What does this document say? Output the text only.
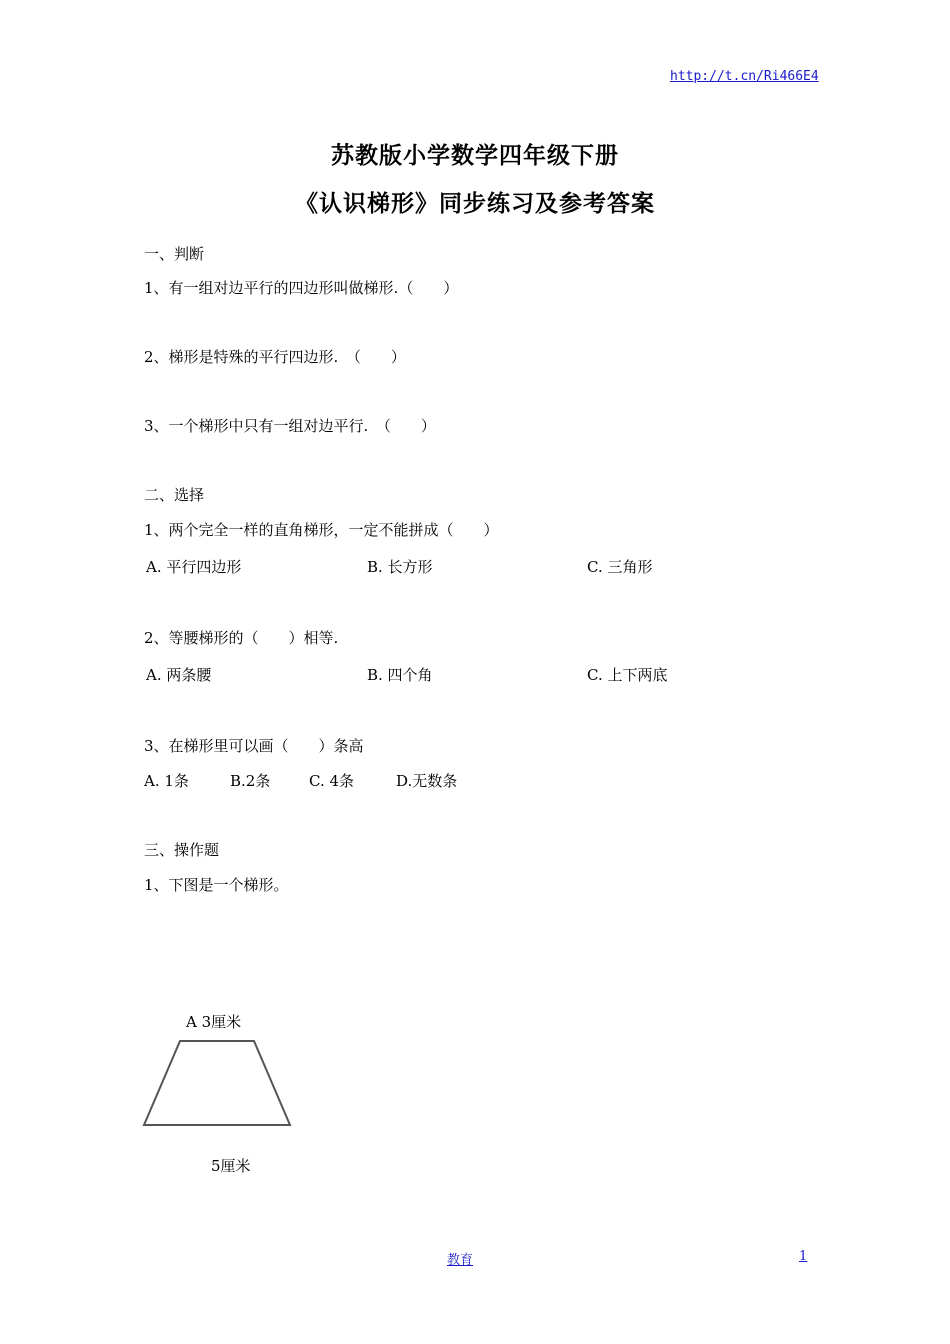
http://t.cn/Ri466E4
苏教版小学数学四年级下册
《认识梯形》同步练习及参考答案
一、判断
1、有一组对边平行的四边形叫做梯形.（　　）
2、梯形是特殊的平行四边形.　（　　）
3、一个梯形中只有一组对边平行.　（　　）
二、选择
1、两个完全一样的直角梯形，一定不能拼成（　　）
A. 平行四边形	B. 长方形	C. 三角形
2、等腰梯形的（　　）相等.
A. 两条腰	B. 四个角	C. 上下两底
3、在梯形里可以画（　　）条高
A. 1条	B.2条	C. 4条	D.无数条
三、操作题
1、下图是一个梯形。
A 3厘米
5厘米
教育	1
